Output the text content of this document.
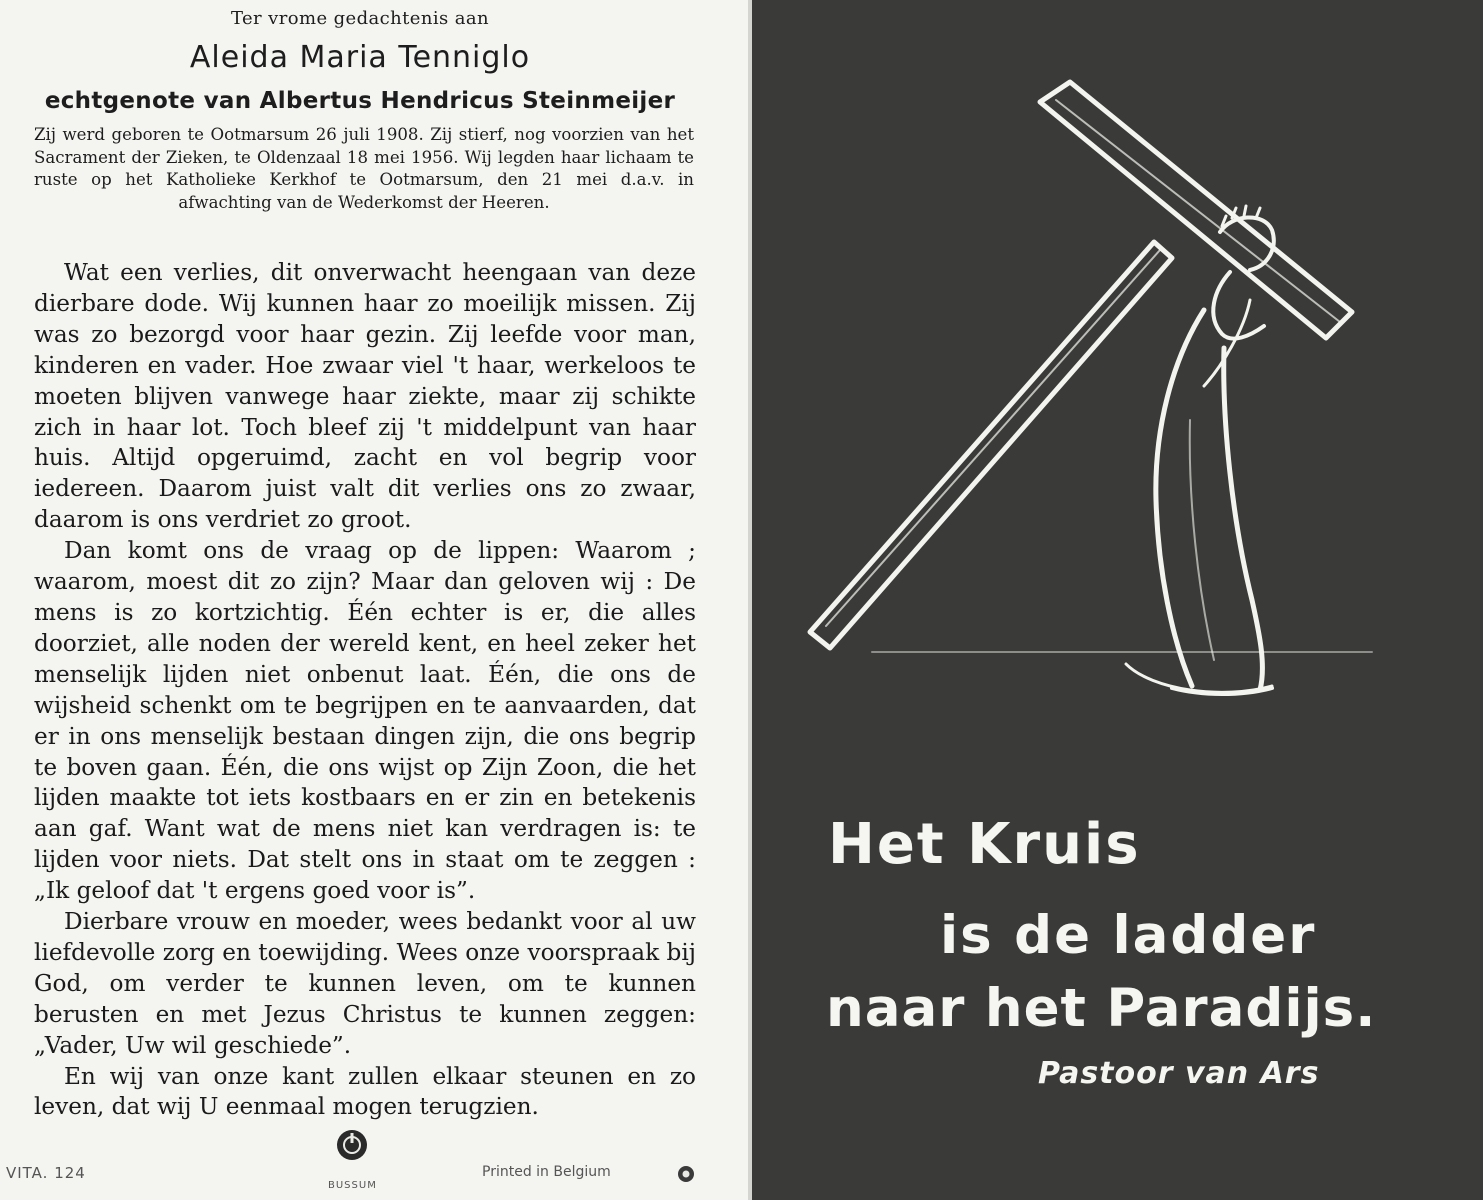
Ter vrome gedachtenis aan
Aleida Maria Tenniglo
echtgenote van Albertus Hendricus Steinmeijer
Zij werd geboren te Ootmarsum 26 juli 1908. Zij stierf, nog voorzien van het Sacrament der Zieken, te Oldenzaal 18 mei 1956. Wij legden haar lichaam te ruste op het Katholieke Kerkhof te Ootmarsum, den 21 mei d.a.v. in afwachting van de Wederkomst der Heeren.

Wat een verlies, dit onverwacht heengaan van deze dierbare dode. Wij kunnen haar zo moeilijk missen. Zij was zo bezorgd voor haar gezin. Zij leefde voor man, kinderen en vader. Hoe zwaar viel 't haar, werkeloos te moeten blijven vanwege haar ziekte, maar zij schikte zich in haar lot. Toch bleef zij 't middelpunt van haar huis. Altijd opgeruimd, zacht en vol begrip voor iedereen. Daarom juist valt dit verlies ons zo zwaar, daarom is ons verdriet zo groot.

Dan komt ons de vraag op de lippen: Waarom ; waarom, moest dit zo zijn? Maar dan geloven wij : De mens is zo kortzichtig. Één echter is er, die alles doorziet, alle noden der wereld kent, en heel zeker het menselijk lijden niet onbenut laat. Één, die ons de wijsheid schenkt om te begrijpen en te aanvaarden, dat er in ons menselijk bestaan dingen zijn, die ons begrip te boven gaan. Één, die ons wijst op Zijn Zoon, die het lijden maakte tot iets kostbaars en er zin en betekenis aan gaf. Want wat de mens niet kan verdragen is: te lijden voor niets. Dat stelt ons in staat om te zeggen : „Ik geloof dat 't ergens goed voor is”.

Dierbare vrouw en moeder, wees bedankt voor al uw liefdevolle zorg en toewijding. Wees onze voorspraak bij God, om verder te kunnen leven, om te kunnen berusten en met Jezus Christus te kunnen zeggen: „Vader, Uw wil geschiede”.

En wij van onze kant zullen elkaar steunen en zo leven, dat wij U eenmaal mogen terugzien.

VITA. 124
BUSSUM
Printed in Belgium
Het Kruis
is de ladder
naar het Paradijs.
Pastoor van Ars
